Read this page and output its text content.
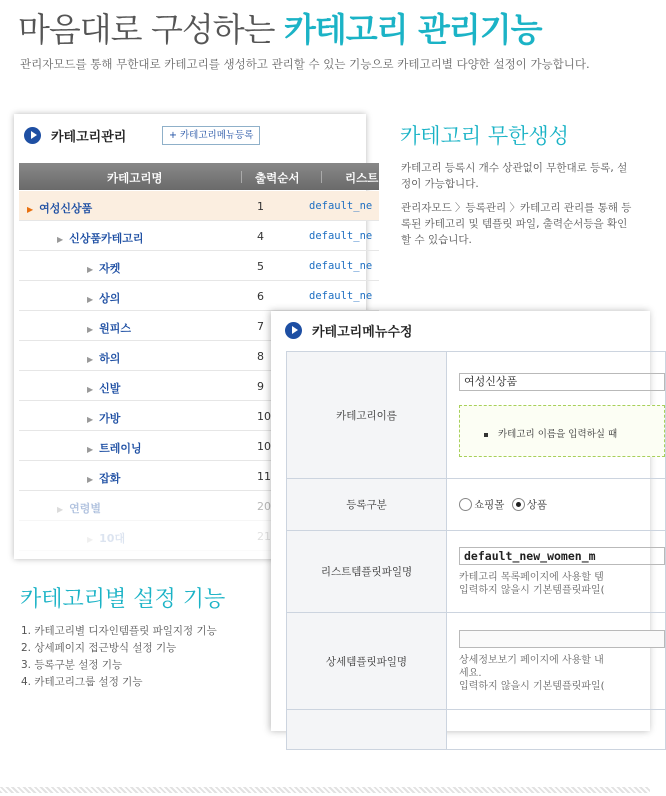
마음대로 구성하는 카테고리 관리기능
관리자모드를 통해 무한대로 카테고리를 생성하고 관리할 수 있는 기능으로 카테고리별 다양한 설정이 가능합니다.
카테고리관리	+ 카테고리메뉴등록
카테고리명	출력순서	리스트
▶ 여성신상품	1	default_ne
▶ 신상품카테고리	4	default_ne
▶ 자켓	5	default_ne
▶ 상의	6	default_ne
▶ 원피스	7
▶ 하의	8
▶ 신발	9
▶ 가방	10
▶ 트레이닝	10
▶ 잡화	11
▶ 연령별	20
▶ 10대	21
카테고리 무한생성
카테고리 등록시 개수 상관없이 무한대로 등록, 설정이 가능합니다.
관리자모드 〉등록관리 〉카테고리 관리를 통해 등록된 카테고리 및 템플릿 파일, 출력순서등을 확인할 수 있습니다.
카테고리별 설정 기능
1. 카테고리별 디자인템플릿 파일지정 기능
2. 상세페이지 접근방식 설정 기능
3. 등록구분 설정 기능
4. 카테고리그룹 설정 기능
카테고리메뉴수정
카테고리이름	여성신상품
카테고리 이름을 입력하실 때

등록구분	쇼핑몰 상품
리스트템플릿파일명	default_new_women_m
카테고리 목록페이지에 사용할 템
입력하지 않을시 기본템플릿파일(

상세템플릿파일명	상세정보보기 페이지에 사용할 내
세요.
입력하지 않을시 기본템플릿파일(
